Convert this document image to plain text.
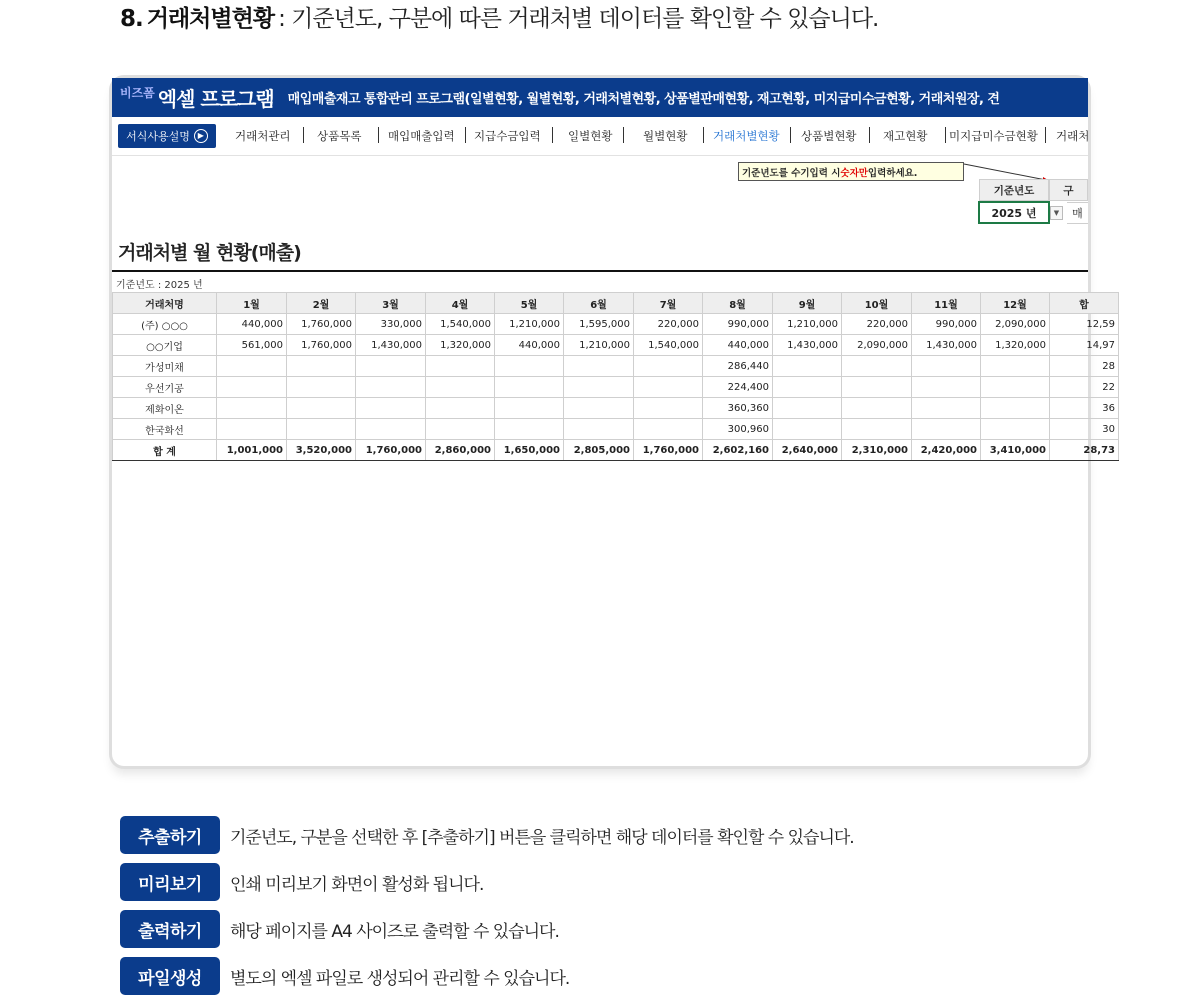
8. 거래처별현황 : 기준년도, 구분에 따른 거래처별 데이터를 확인할 수 있습니다.
비즈폼 엑셀 프로그램 매입매출재고 통합관리 프로그램(일별현황, 월별현황, 거래처별현황, 상품별판매현황, 재고현황, 미지급미수금현황, 거래처원장, 견
서식사용설명 ▶	거래처관리 상품목록 매입매출입력 지급수금입력 일별현황	월별현황 거래처별현황 상품별현황 재고현황 미지급미수금현황 거래처
기준년도를 수기입력 시 숫자만 입력하세요.
기준년도	구
2025 년	▼	매
거래처별 월 현황(매출)
기준년도 : 2025 년
거래처명	1월	2월	3월	4월	5월	6월	7월	8월	9월	10월	11월	12월	합
(주) ○○○	440,000	1,760,000	330,000	1,540,000	1,210,000	1,595,000	220,000	990,000	1,210,000	220,000	990,000	2,090,000	12,59
○○기업	561,000	1,760,000	1,430,000	1,320,000	440,000	1,210,000	1,540,000	440,000	1,430,000	2,090,000	1,430,000	1,320,000	14,97
가성미채								286,440					28
우선기공								224,400					22
제화이온								360,360					36
한국화선								300,960					30
합 계	1,001,000	3,520,000	1,760,000	2,860,000	1,650,000	2,805,000	1,760,000	2,602,160	2,640,000	2,310,000	2,420,000	3,410,000	28,73
추출하기	기준년도, 구분을 선택한 후 [추출하기] 버튼을 클릭하면 해당 데이터를 확인할 수 있습니다.
미리보기	인쇄 미리보기 화면이 활성화 됩니다.
출력하기	해당 페이지를 A4 사이즈로 출력할 수 있습니다.
파일생성	별도의 엑셀 파일로 생성되어 관리할 수 있습니다.
